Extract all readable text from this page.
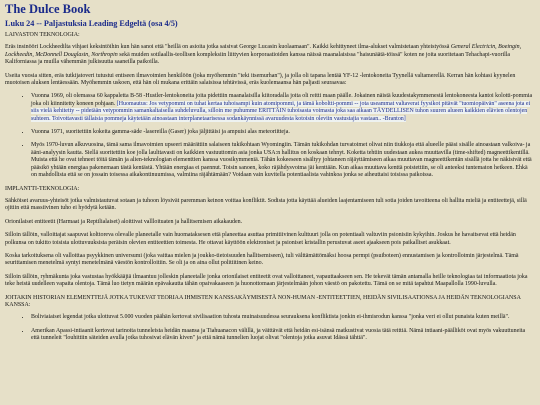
The Dulce Book
Luku 24 -- Paljastuksia Leading Edgeltä (osa 4/5)

LAIVASTON TEKNOLOGIA:

Eräs insinööri Lockheedilta vihjaei keksintöihin kun hän sanoi että "heillä on asioita jotka saisivat George Lucasin kuolaamaan". Kaikki kehittyneet ilma-alukset valmistetaan yhteistyössä General Electricin, Boeingin, Lockheedin, McDonnell Douglasin, Northropin sekä muiden sotilaallis-teollisen kompleksiin liittyvien korporaatioiden kanssa näissä maanalaisissa "haisunäätä-töissä" koten ne joita suoritetaan Tehachapi-vuorilla Kaliforniassa ja muilla vähemmän julkisuutta saaneilla paikoilla.

Useita vuosia sitten, eräs tutkijatoveri tutustui entiseen ilmavoimien henkilöön (joka myöhemmin "teki itsemurhan"), ja jolla oli tapana lentää YF-12 -lentokoneita Tyynellä valtamerellä. Kerran hän kohtasi kyynelen muotoisen aluksen lentäessään. Myöhemmin uskoen, että hän oli mukana erittäin salaisissa tehtävissä, eräs kuolemaansa hän paljasti seuraavaa:

• Vuonna 1969, oli olemassa 60 kappaletta B-58 -Hustler-lentokoneita joita pidettiin maanalaisilla kiitoradalla joita oli reitti maan päälle. Jokainen näistä kuudestakymmenestä lentokoneesta kantoi kolotti-pommia joka oli kiinnitetty koneen pohjaan. [Huomautus: Jos vetypommi on tuhat kertaa tuhoisampi kuin atomipommi, ja tämä koboltti-pommi -- jota useammat valtaverat fyysikot pitävät "tuomiopäivän" aseena jota ei siis vielä kehitetty -- pidetään vetypommin samankaltaisella suhdeluvulla, silloin me puhumme ERITTÄIN tuhoisasta voimasta joka saa aikaan TÄYDELLISEN tuhon suuren alueen kaikkien elävien olentojen suhteen. Toivottavasti tällaisia pommeja käytetään ainoastaan interplanetaarisessa sodankäynnissä avaruudesta kotoisin oleviin vastustajia vastaan.. -Branton]
• Vuonna 1971, suoritettiin kokeita gamma-säde -lasereilla (Gaser) joka jäljittäisi ja ampuisi alas meteoriitteja.
• Myös 1970-luvun alkuvuosina, tämä sama ilmavoimien upseeri määrättiin salaiseen tukikohtaan Wyomingiin. Tämän tukikohdan turvatoimet olivat niin tiukkoja että alueelle pääsi sisälle ainoastaan valkoiva- ja ääni-analyysin kautta. Siellä suoritettiin koe jolla laulttavasti on kaikkien vastuuttomin asia jonka USA:n hallitus on koskaan tehnyt. Koketta tehtiin uudestaan aukea muuttavilla (time-shifted) magneettikentillä. Muista että he ovat tehneet töitä tämän ja alien-teknologian elementtien kanssa vuosikymmeniä. Tähän kokeeseen sisältyy johtaneen räjäyttämiseen aikaa muuttavan magneettikentän sisällä jotta he näkisivät että pääsikö yhtään energiaa pakenemaan tästä kentästä. Yhtään energiaa ei paennut. Toisin sanoen, koko räjähdysvoima jäi kenttään. Kun aikaa muuttava kenttä poistettiin, se oli anteeksi tuntematon hetkeen. Ehkä on mahdollista että se on jossain toisessa aikakontinuumissa, valmiina räjähtämään? Voidaan vain kuvitella potentiaalista vahinkoa jonka se aiheuttaisi toisissa paikoissa.

IMPLANTTI-TEKNOLOGIA:

Sähköiset avaruus-yhteisöt jotka valmistautuvat sotaan ja tuhoon löysivät paremman keinon voittaa konfliktit. Sodista jotta käyttää alueiden laajentamiseen tuli sotia joiden tavoitteena oli hallita mieliä ja entiteettejä, sillä ojitiin että massiivinen tuho ei hyödytä ketään.

Orionilaiset entiteetit (Harmaat ja Reptilialaiset) aloittivat vallloituaten ja hallitsemisen aikakauden.

Silloin tällöin, valloittajat saapuvat kolttoreva olevalle planeetalle vain huomataksesen että planeettaa asuttaa primitiivinen kulttuuri jolla on potentiaali valtuviin psionisiin kykyihin. Joskus he havaitsevat että heidän polkunsa on tukitto toisista ulottuvuuksista peräisin olevien entiteettien toimesta. He ottavat käyttöön elektroniset ja psioniset kristallin perustuvat aseet ajaakseen pois paikalliset asukkaat.

Koska tarkoituksena oli valloittaa psyykkinen universumi (joka vaittaa mielen ja joukko-tietoisuuden hallitsemiseen), tuli välttämättömäksi hoosa permpi (psuiboteen) ennustamisen ja kontrolloimin järjestelmä. Tämä seurittamisen menetelmä syntyi menetelmänä väestön kontrolloitiin. Se oli ja on aina ollut politiitinen keino.

Silloin tällöin, ryhmäkunta joka vastustaa hyökkääjiä ilmaantuu jolleskin planeetalle jonka orionilaiset entiteetit ovat valloittaneet, vapauttaakseen sen. He tekevät tämän antamalla heille teknologiaa tai informaatiota joka teke heistä uudelleen vapaita olentoja. Tämä luo tietyn määrän epävakautta tähän opaivakaaseen ja huonottomaan järjestelmään johon väestö on pakotettu. Tämä on se mitä tapahtui Maapallolla 1990-luvulla.

JOITAKIN HISTORIAN ELEMENTTEJÄ JOTKA TUKEVAT TEORIAA IHMISTEN KANSSAKÄYMISESTÄ NON-HUMAN -ENTITEETTIEN, HEIDÄN SIVILISAATIONSA JA HEIDÄN TEKNOLOGIANSA KANSSA:

• Boliviaiaiset legendat jotka ulottuvat 5.000 vuoden päähän kertovat sivilisaation tuhosta muinaisuudessa seurauksena konfliktista jonkin ei-ihmisrodun kanssa "jonka veri ei ollut punaista kuten meillä".
• Amerikan Apassi-intiaanit kertovat tarinoita tunneleista heidän maansa ja Tiahuanacon välillä, ja väittävät että heidän esi-isänsä matkustivat vuosia tätä reittiä. Nämä intiaani-päälliköt ovat myös vakuuttuneita että tunneleit "louhittiin säteiden avulla jotka tuhosivat elävän kiven" ja että nämä tunnelien luojat olivat "olentoja jotka asuvat Idässä tähtiä".
